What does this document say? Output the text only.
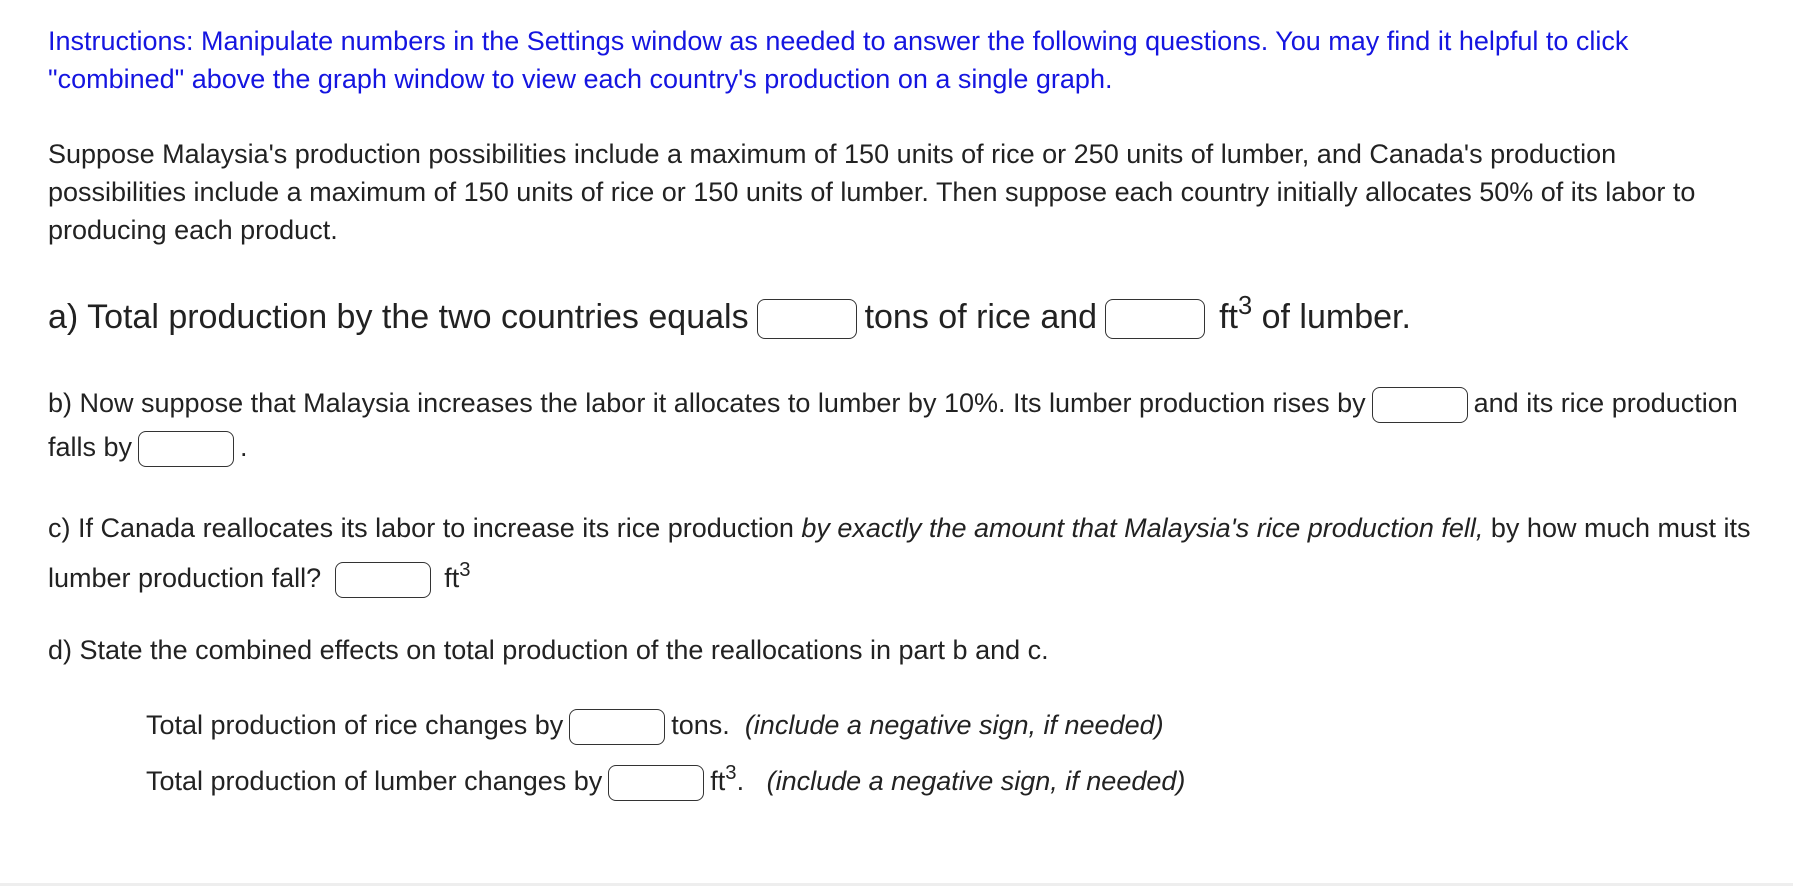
Instructions: Manipulate numbers in the Settings window as needed to answer the following questions. You may find it helpful to click "combined" above the graph window to view each country's production on a single graph.

Suppose Malaysia's production possibilities include a maximum of 150 units of rice or 250 units of lumber, and Canada's production possibilities include a maximum of 150 units of rice or 150 units of lumber. Then suppose each country initially allocates 50% of its labor to producing each product.

a) Total production by the two countries equals	tons of rice and	$ft^3$ of lumber.
b) Now suppose that Malaysia increases the labor it allocates to lumber by 10%. Its lumber production rises by	and its rice production falls by	.
c) If Canada reallocates its labor to increase its rice production by exactly the amount that Malaysia's rice production fell, by how much must its lumber production fall?	$ft^3$

d) State the combined effects on total production of the reallocations in part b and c.

Total production of rice changes by	tons. (include a negative sign, if needed)
Total production of lumber changes by	$ft^3$. (include a negative sign, if needed)
